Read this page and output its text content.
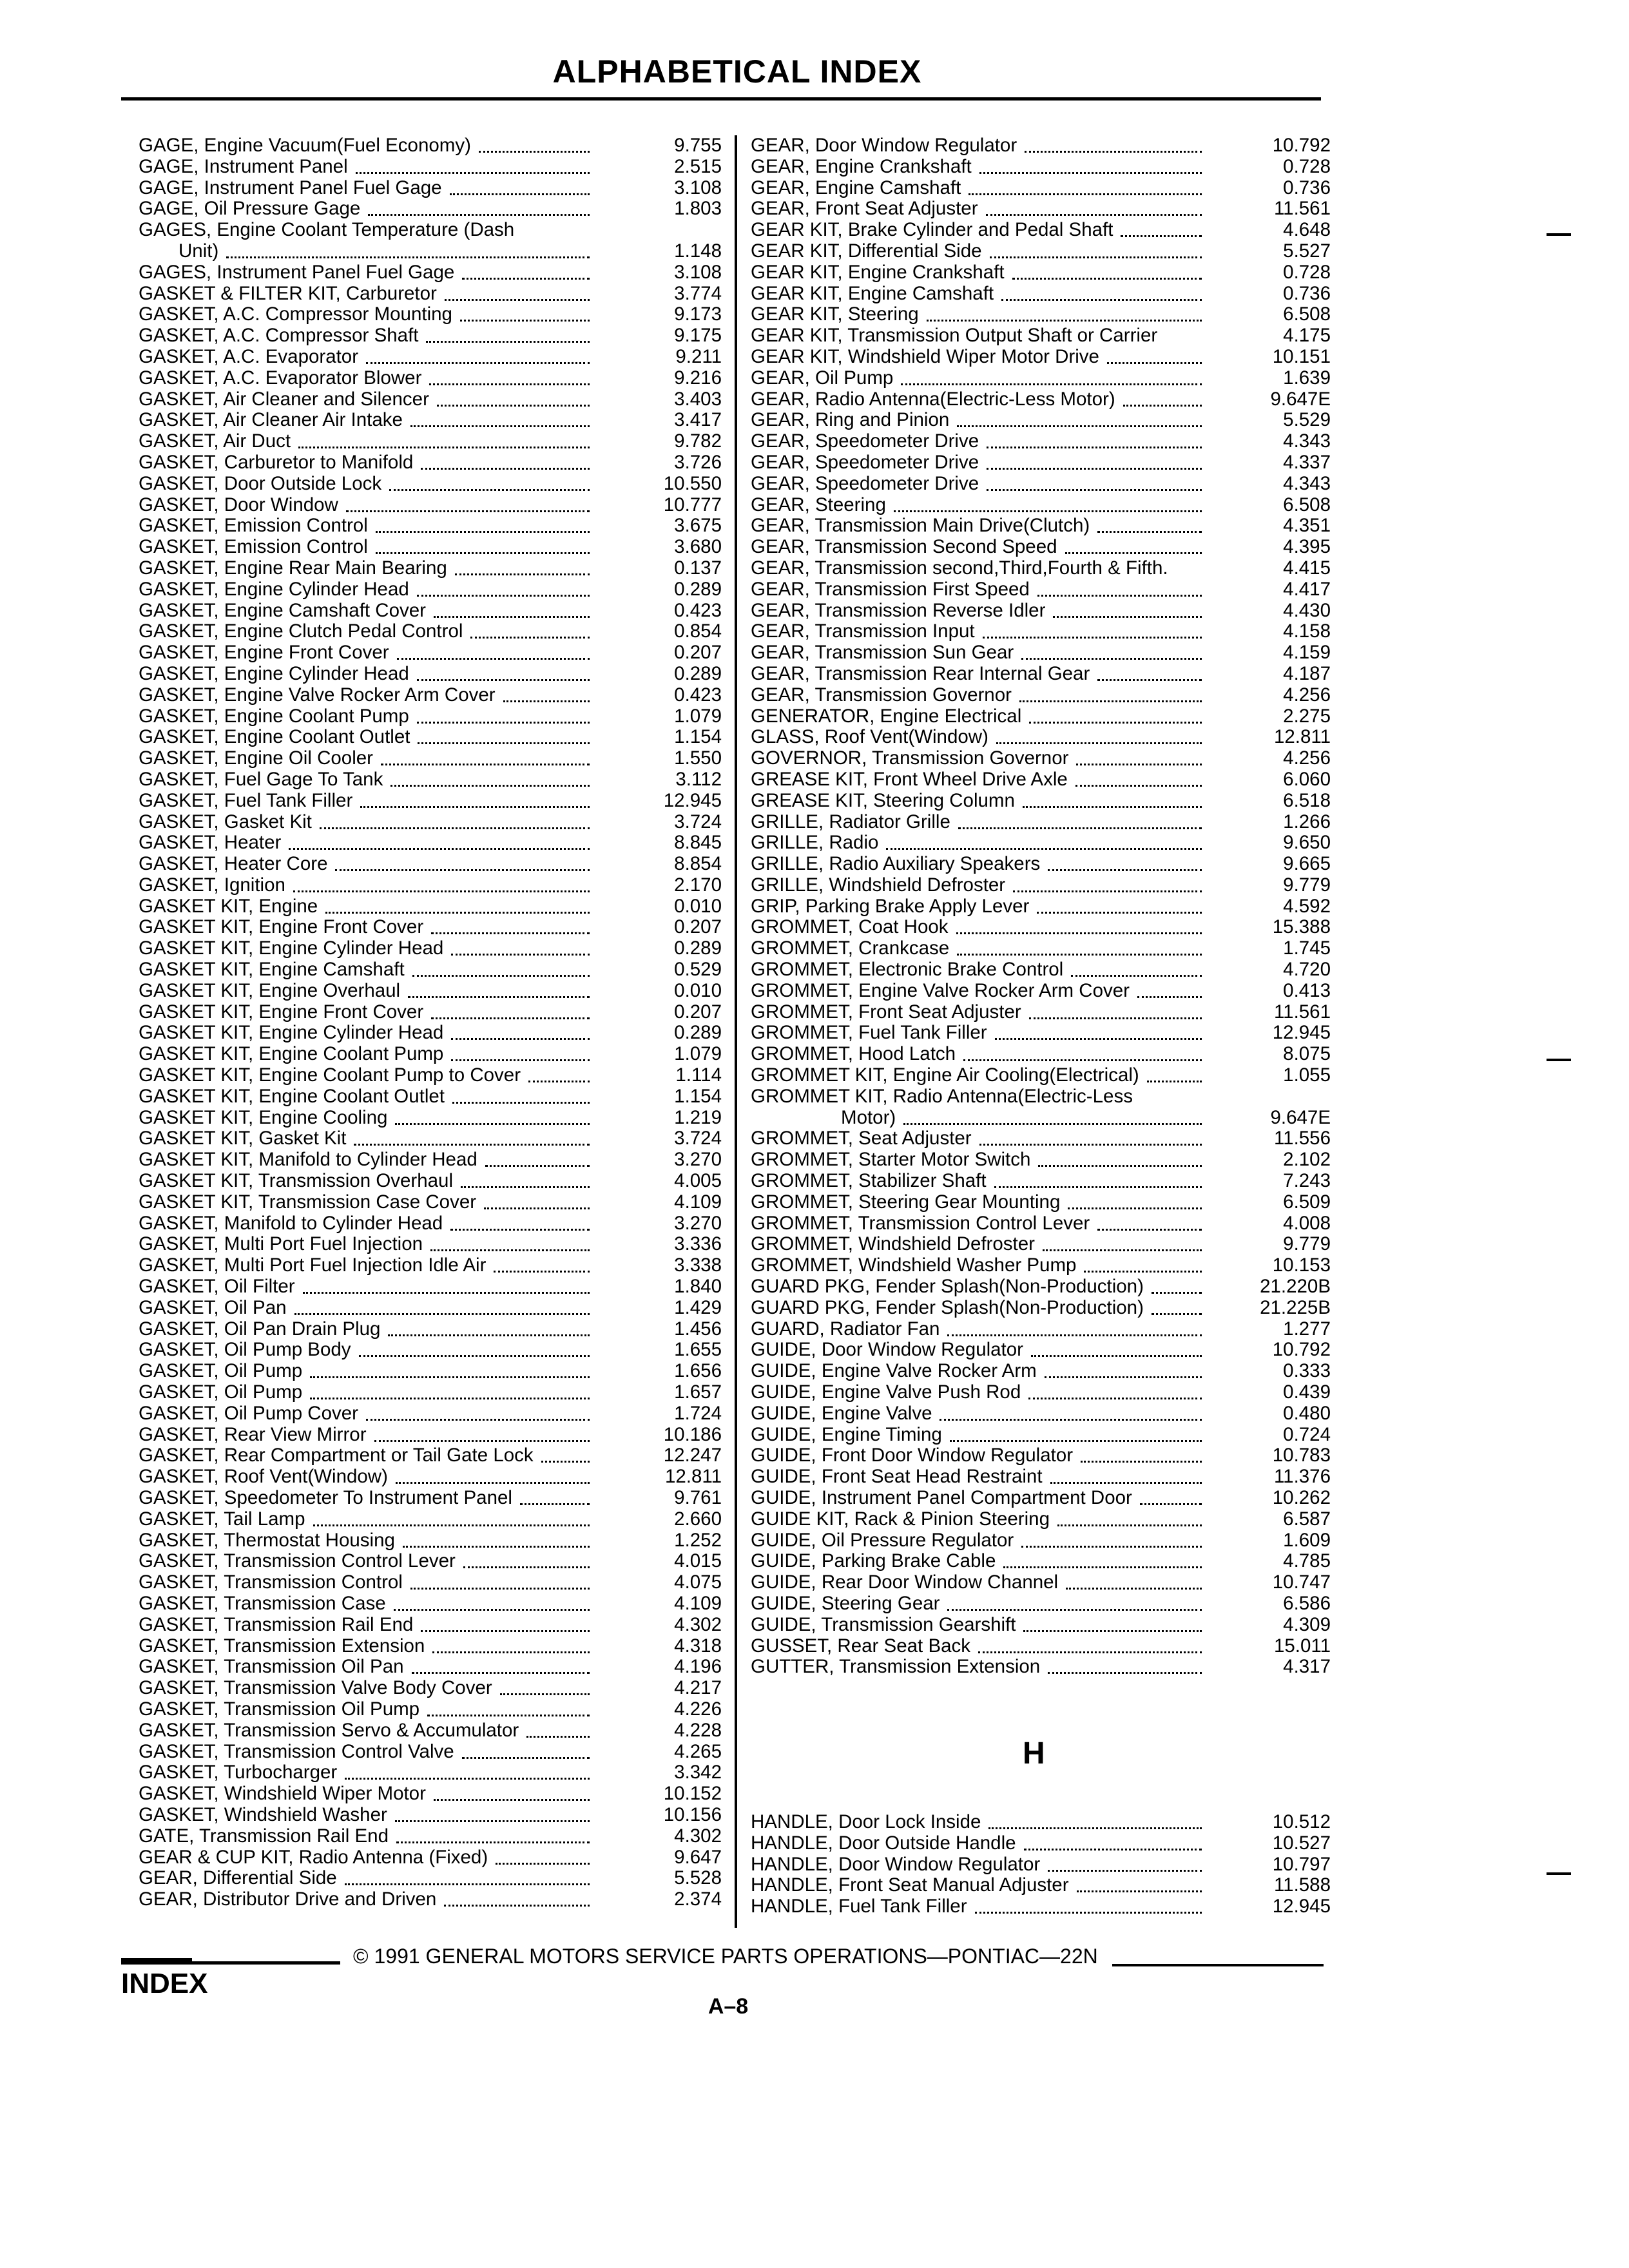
ALPHABETICAL INDEX
GAGE, Engine Vacuum(Fuel Economy)	9.755
GAGE, Instrument Panel	2.515
GAGE, Instrument Panel Fuel Gage	3.108
GAGE, Oil Pressure Gage	1.803
GAGES, Engine Coolant Temperature (Dash
Unit)	1.148
GAGES, Instrument Panel Fuel Gage	3.108
GASKET & FILTER KIT, Carburetor	3.774
GASKET, A.C. Compressor Mounting	9.173
GASKET, A.C. Compressor Shaft	9.175
GASKET, A.C. Evaporator	9.211
GASKET, A.C. Evaporator Blower	9.216
GASKET, Air Cleaner and Silencer	3.403
GASKET, Air Cleaner Air Intake	3.417
GASKET, Air Duct	9.782
GASKET, Carburetor to Manifold	3.726
GASKET, Door Outside Lock	10.550
GASKET, Door Window	10.777
GASKET, Emission Control	3.675
GASKET, Emission Control	3.680
GASKET, Engine Rear Main Bearing	0.137
GASKET, Engine Cylinder Head	0.289
GASKET, Engine Camshaft Cover	0.423
GASKET, Engine Clutch Pedal Control	0.854
GASKET, Engine Front Cover	0.207
GASKET, Engine Cylinder Head	0.289
GASKET, Engine Valve Rocker Arm Cover	0.423
GASKET, Engine Coolant Pump	1.079
GASKET, Engine Coolant Outlet	1.154
GASKET, Engine Oil Cooler	1.550
GASKET, Fuel Gage To Tank	3.112
GASKET, Fuel Tank Filler	12.945
GASKET, Gasket Kit	3.724
GASKET, Heater	8.845
GASKET, Heater Core	8.854
GASKET, Ignition	2.170
GASKET KIT, Engine	0.010
GASKET KIT, Engine Front Cover	0.207
GASKET KIT, Engine Cylinder Head	0.289
GASKET KIT, Engine Camshaft	0.529
GASKET KIT, Engine Overhaul	0.010
GASKET KIT, Engine Front Cover	0.207
GASKET KIT, Engine Cylinder Head	0.289
GASKET KIT, Engine Coolant Pump	1.079
GASKET KIT, Engine Coolant Pump to Cover	1.114
GASKET KIT, Engine Coolant Outlet	1.154
GASKET KIT, Engine Cooling	1.219
GASKET KIT, Gasket Kit	3.724
GASKET KIT, Manifold to Cylinder Head	3.270
GASKET KIT, Transmission Overhaul	4.005
GASKET KIT, Transmission Case Cover	4.109
GASKET, Manifold to Cylinder Head	3.270
GASKET, Multi Port Fuel Injection	3.336
GASKET, Multi Port Fuel Injection Idle Air	3.338
GASKET, Oil Filter	1.840
GASKET, Oil Pan	1.429
GASKET, Oil Pan Drain Plug	1.456
GASKET, Oil Pump Body	1.655
GASKET, Oil Pump	1.656
GASKET, Oil Pump	1.657
GASKET, Oil Pump Cover	1.724
GASKET, Rear View Mirror	10.186
GASKET, Rear Compartment or Tail Gate Lock	12.247
GASKET, Roof Vent(Window)	12.811
GASKET, Speedometer To Instrument Panel	9.761
GASKET, Tail Lamp	2.660
GASKET, Thermostat Housing	1.252
GASKET, Transmission Control Lever	4.015
GASKET, Transmission Control	4.075
GASKET, Transmission Case	4.109
GASKET, Transmission Rail End	4.302
GASKET, Transmission Extension	4.318
GASKET, Transmission Oil Pan	4.196
GASKET, Transmission Valve Body Cover	4.217
GASKET, Transmission Oil Pump	4.226
GASKET, Transmission Servo & Accumulator	4.228
GASKET, Transmission Control Valve	4.265
GASKET, Turbocharger	3.342
GASKET, Windshield Wiper Motor	10.152
GASKET, Windshield Washer	10.156
GATE, Transmission Rail End	4.302
GEAR & CUP KIT, Radio Antenna (Fixed)	9.647
GEAR, Differential Side	5.528
GEAR, Distributor Drive and Driven	2.374
GEAR, Door Window Regulator	10.792
GEAR, Engine Crankshaft	0.728
GEAR, Engine Camshaft	0.736
GEAR, Front Seat Adjuster	11.561
GEAR KIT, Brake Cylinder and Pedal Shaft	4.648
GEAR KIT, Differential Side	5.527
GEAR KIT, Engine Crankshaft	0.728
GEAR KIT, Engine Camshaft	0.736
GEAR KIT, Steering	6.508
GEAR KIT, Transmission Output Shaft or Carrier	4.175
GEAR KIT, Windshield Wiper Motor Drive	10.151
GEAR, Oil Pump	1.639
GEAR, Radio Antenna(Electric-Less Motor)	9.647E
GEAR, Ring and Pinion	5.529
GEAR, Speedometer Drive	4.343
GEAR, Speedometer Drive	4.337
GEAR, Speedometer Drive	4.343
GEAR, Steering	6.508
GEAR, Transmission Main Drive(Clutch)	4.351
GEAR, Transmission Second Speed	4.395
GEAR, Transmission second,Third,Fourth & Fifth.	4.415
GEAR, Transmission First Speed	4.417
GEAR, Transmission Reverse Idler	4.430
GEAR, Transmission Input	4.158
GEAR, Transmission Sun Gear	4.159
GEAR, Transmission Rear Internal Gear	4.187
GEAR, Transmission Governor	4.256
GENERATOR, Engine Electrical	2.275
GLASS, Roof Vent(Window)	12.811
GOVERNOR, Transmission Governor	4.256
GREASE KIT, Front Wheel Drive Axle	6.060
GREASE KIT, Steering Column	6.518
GRILLE, Radiator Grille	1.266
GRILLE, Radio	9.650
GRILLE, Radio Auxiliary Speakers	9.665
GRILLE, Windshield Defroster	9.779
GRIP, Parking Brake Apply Lever	4.592
GROMMET, Coat Hook	15.388
GROMMET, Crankcase	1.745
GROMMET, Electronic Brake Control	4.720
GROMMET, Engine Valve Rocker Arm Cover	0.413
GROMMET, Front Seat Adjuster	11.561
GROMMET, Fuel Tank Filler	12.945
GROMMET, Hood Latch	8.075
GROMMET KIT, Engine Air Cooling(Electrical)	1.055
GROMMET KIT, Radio Antenna(Electric-Less
Motor)	9.647E
GROMMET, Seat Adjuster	11.556
GROMMET, Starter Motor Switch	2.102
GROMMET, Stabilizer Shaft	7.243
GROMMET, Steering Gear Mounting	6.509
GROMMET, Transmission Control Lever	4.008
GROMMET, Windshield Defroster	9.779
GROMMET, Windshield Washer Pump	10.153
GUARD PKG, Fender Splash(Non-Production)	21.220B
GUARD PKG, Fender Splash(Non-Production)	21.225B
GUARD, Radiator Fan	1.277
GUIDE, Door Window Regulator	10.792
GUIDE, Engine Valve Rocker Arm	0.333
GUIDE, Engine Valve Push Rod	0.439
GUIDE, Engine Valve	0.480
GUIDE, Engine Timing	0.724
GUIDE, Front Door Window Regulator	10.783
GUIDE, Front Seat Head Restraint	11.376
GUIDE, Instrument Panel Compartment Door	10.262
GUIDE KIT, Rack & Pinion Steering	6.587
GUIDE, Oil Pressure Regulator	1.609
GUIDE, Parking Brake Cable	4.785
GUIDE, Rear Door Window Channel	10.747
GUIDE, Steering Gear	6.586
GUIDE, Transmission Gearshift	4.309
GUSSET, Rear Seat Back	15.011
GUTTER, Transmission Extension	4.317
H
HANDLE, Door Lock Inside	10.512
HANDLE, Door Outside Handle	10.527
HANDLE, Door Window Regulator	10.797
HANDLE, Front Seat Manual Adjuster	11.588
HANDLE, Fuel Tank Filler	12.945
© 1991 GENERAL MOTORS SERVICE PARTS OPERATIONS—PONTIAC—22N
INDEX
A–8
